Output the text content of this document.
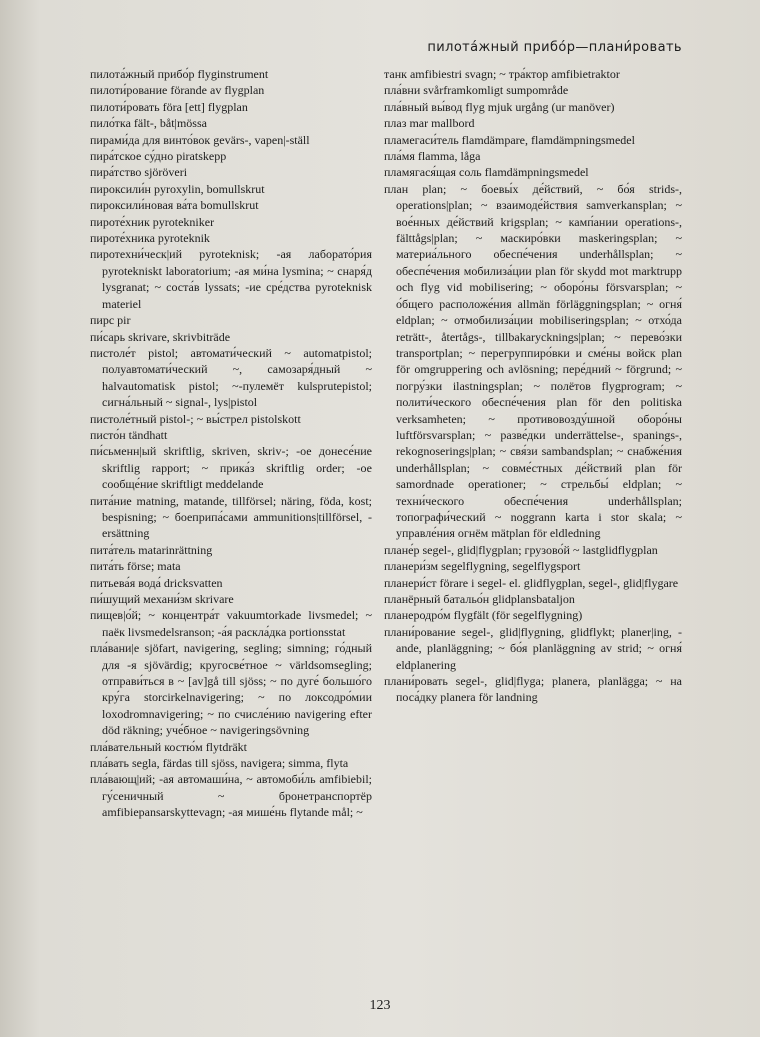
пилота́жный прибо́р—плани́ровать
пилота́жный прибо́р flyginstrument
пилоти́рование förande av flygplan
пилоти́ровать föra [ett] flygplan
пило́тка fält-, båt|mössa
пирами́да для винто́вок gevärs-, vapen|-ställ
пира́тское су́дно piratskepp
пира́тство sjöröveri
пироксили́н pyroxylin, bomullskrut
пироксили́новая ва́та bomullskrut
пироте́хник pyrotekniker
пироте́хника pyroteknik
пиротехни́ческ|ий pyroteknisk; -ая лаборато́рия pyrotekniskt laboratorium; -ая ми́на lysmina; ~ снаря́д lysgranat; ~ соста́в lyssats; -ие сре́дства pyroteknisk materiel
пирс pir
пи́сарь skrivare, skrivbiträde
пистоле́т pistol; автомати́ческий ~ automatpistol; полуавтомати́ческий ~, самозаря́дный ~ halvautomatisk pistol; ~-пулемёт kulsprutepistol; сигна́льный ~ signal-, lys|pistol
пистоле́тный pistol-; ~ вы́стрел pistolskott
писто́н tändhatt
пи́сьменн|ый skriftlig, skriven, skriv-; -ое донесе́ние skriftlig rapport; ~ прика́з skriftlig order; -ое сообще́ние skriftligt meddelande
пита́ние matning, matande, tillförsel; näring, föda, kost; bespisning; ~ боеприпа́сами ammunitions|tillförsel, -ersättning
пита́тель matarinrättning
пита́ть förse; mata
питьева́я вода́ dricksvatten
пи́шущий механи́зм skrivare
пищев|о́й; ~ концентра́т vakuumtorkade livsmedel; ~ паёк livsmedelsranson; -а́я раскла́дка portionsstat
пла́вани|е sjöfart, navigering, segling; simning; го́дный для -я sjövärdig; кругосве́тное ~ världsomsegling; отправи́ться в ~ [av]gå till sjöss; ~ по дуге́ большо́го кру́га storcirkelnavigering; ~ по локсодро́мии loxodromnavigering; ~ по счисле́нию navigering efter död räkning; уче́бное ~ navigeringsövning
пла́вательный костю́м flytdräkt
пла́вать segla, färdas till sjöss, navigera; simma, flyta
пла́вающ|ий; -ая автомаши́на, ~ автомоби́ль amfibiebil; гу́сеничный ~ бронетранспортёр amfibiepansarskyttevagn; -ая мише́нь flytande mål; ~
танк amfibiestri svagn; ~ тра́ктор amfibietraktor
пла́вни svårframkomligt sumpområde
пла́вный вы́вод flyg mjuk urgång (ur manöver)
плаз mar mallbord
пламегаси́тель flamdämpare, flamdämpningsmedel
пла́мя flamma, låga
пламягася́щая соль flamdämpningsmedel
план plan; ~ боевы́х де́йствий, ~ бо́я strids-, operations|plan; ~ взаимоде́йствия samverkansplan; ~ вое́нных де́йствий krigsplan; ~ камп́ании operations-, fälttågs|plan; ~ маскиро́вки maskeringsplan; ~ материа́льного обеспе́чения underhållsplan; ~ обеспе́чения мобилиза́ции plan för skydd mot marktrupp och flyg vid mobilisering; ~ оборо́ны försvarsplan; ~ о́бщего расположе́ния allmän förläggningsplan; ~ огня́ eldplan; ~ отмобилиза́ции mobiliseringsplan; ~ отхо́да reträtt-, återtågs-, tillbakarycknings|plan; ~ перево́зки transportplan; ~ перегруппиро́вки и сме́ны войск plan för omgruppering och avlösning; пере́дний ~ förgrund; ~ погру́зки ilastningsplan; ~ полётов flygprogram; ~ полити́ческого обеспе́чения plan för den politiska verksamheten; ~ противовозду́шной оборо́ны luftförsvarsplan; ~ разве́дки underrättelse-, spanings-, rekognoserings|plan; ~ свя́зи sambandsplan; ~ снабже́ния underhållsplan; ~ совме́стных де́йствий plan för samordnade operationer; ~ стрельбы́ eldplan; ~ техни́ческого обеспе́чения underhållsplan; топографи́ческий ~ noggrann karta i stor skala; ~ управле́ния огнём mätplan för eldledning
плане́р segel-, glid|flygplan; грузово́й ~ lastglidflygplan
планери́зм segelflygning, segelflygsport
планери́ст förare i segel- el. glidflygplan, segel-, glid|flygare
планёрный батальо́н glidplansbataljon
планеродро́м flygfält (för segelflygning)
плани́рование segel-, glid|flygning, glidflykt; planer|ing, -ande, planläggning; ~ бо́я planläggning av strid; ~ огня́ eldplanering
плани́ровать segel-, glid|flyga; planera, planlägga; ~ на поса́дку planera för landning
123
